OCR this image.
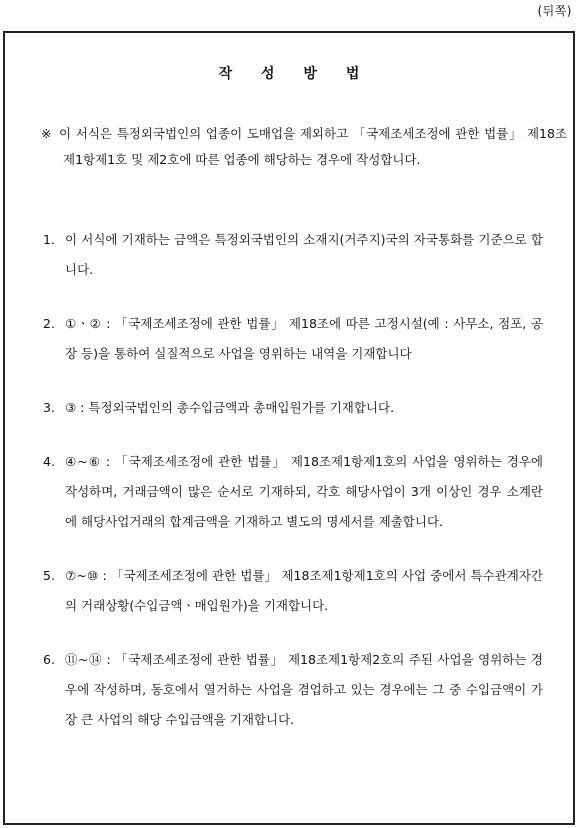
(뒤쪽)
작 성 방 법
※ 이 서식은 특정외국법인의 업종이 도매업을 제외하고 「국제조세조정에 관한 법률」 제18조제1항제1호 및 제2호에 따른 업종에 해당하는 경우에 작성합니다.
1. 이 서식에 기재하는 금액은 특정외국법인의 소재지(거주지)국의 자국통화를 기준으로 합니다.
2. ①ㆍ② : 「국제조세조정에 관한 법률」 제18조에 따른 고정시설(예 : 사무소, 점포, 공장 등)을 통하여 실질적으로 사업을 영위하는 내역을 기재합니다
3. ③ : 특정외국법인의 총수입금액과 총매입원가를 기재합니다.
4. ④~⑥ : 「국제조세조정에 관한 법률」 제18조제1항제1호의 사업을 영위하는 경우에 작성하며, 거래금액이 많은 순서로 기재하되, 각호 해당사업이 3개 이상인 경우 소계란에 해당사업거래의 합계금액을 기재하고 별도의 명세서를 제출합니다.
5. ⑦~⑩ : 「국제조세조정에 관한 법률」 제18조제1항제1호의 사업 중에서 특수관계자간의 거래상황(수입금액ㆍ매입원가)을 기재합니다.
6. ⑪~⑭ : 「국제조세조정에 관한 법률」 제18조제1항제2호의 주된 사업을 영위하는 경우에 작성하며, 동호에서 열거하는 사업을 겸업하고 있는 경우에는 그 중 수입금액이 가장 큰 사업의 해당 수입금액을 기재합니다.
